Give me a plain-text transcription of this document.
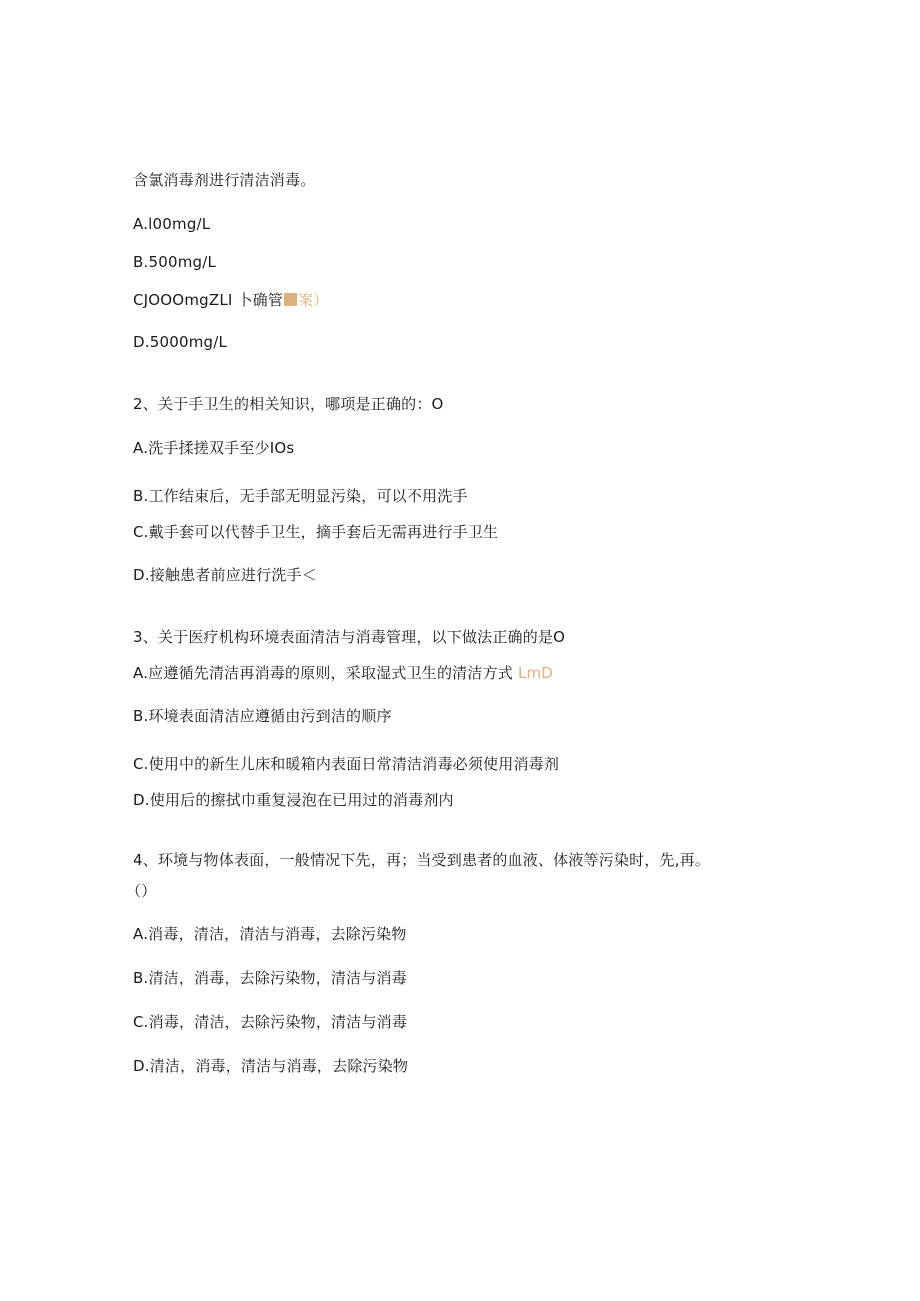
含氯消毒剂进行清洁消毒。
A.l00mg∕L
B.500mg∕L
CJOOOmgZLI 卜确管 案）
D.5000mg∕L
2、关于手卫生的相关知识，哪项是正确的：O
A.洗手揉搓双手至少IOs
B.工作结束后，无手部无明显污染，可以不用洗手
C.戴手套可以代替手卫生，摘手套后无需再进行手卫生
D.接触患者前应进行洗手＜
3、关于医疗机构环境表面清洁与消毒管理，以下做法正确的是O
A.应遵循先清洁再消毒的原则，采取湿式卫生的清洁方式 LmD
B.环境表面清洁应遵循由污到洁的顺序
C.使用中的新生儿床和暖箱内表面日常清洁消毒必须使用消毒剂
D.使用后的擦拭巾重复浸泡在已用过的消毒剂内
4、环境与物体表面，一般情况下先，再；当受到患者的血液、体液等污染时，先,再。
（）
A.消毒，清洁，清洁与消毒，去除污染物
B.清洁，消毒，去除污染物，清洁与消毒
C.消毒，清洁，去除污染物，清洁与消毒
D.清洁，消毒，清洁与消毒，去除污染物
